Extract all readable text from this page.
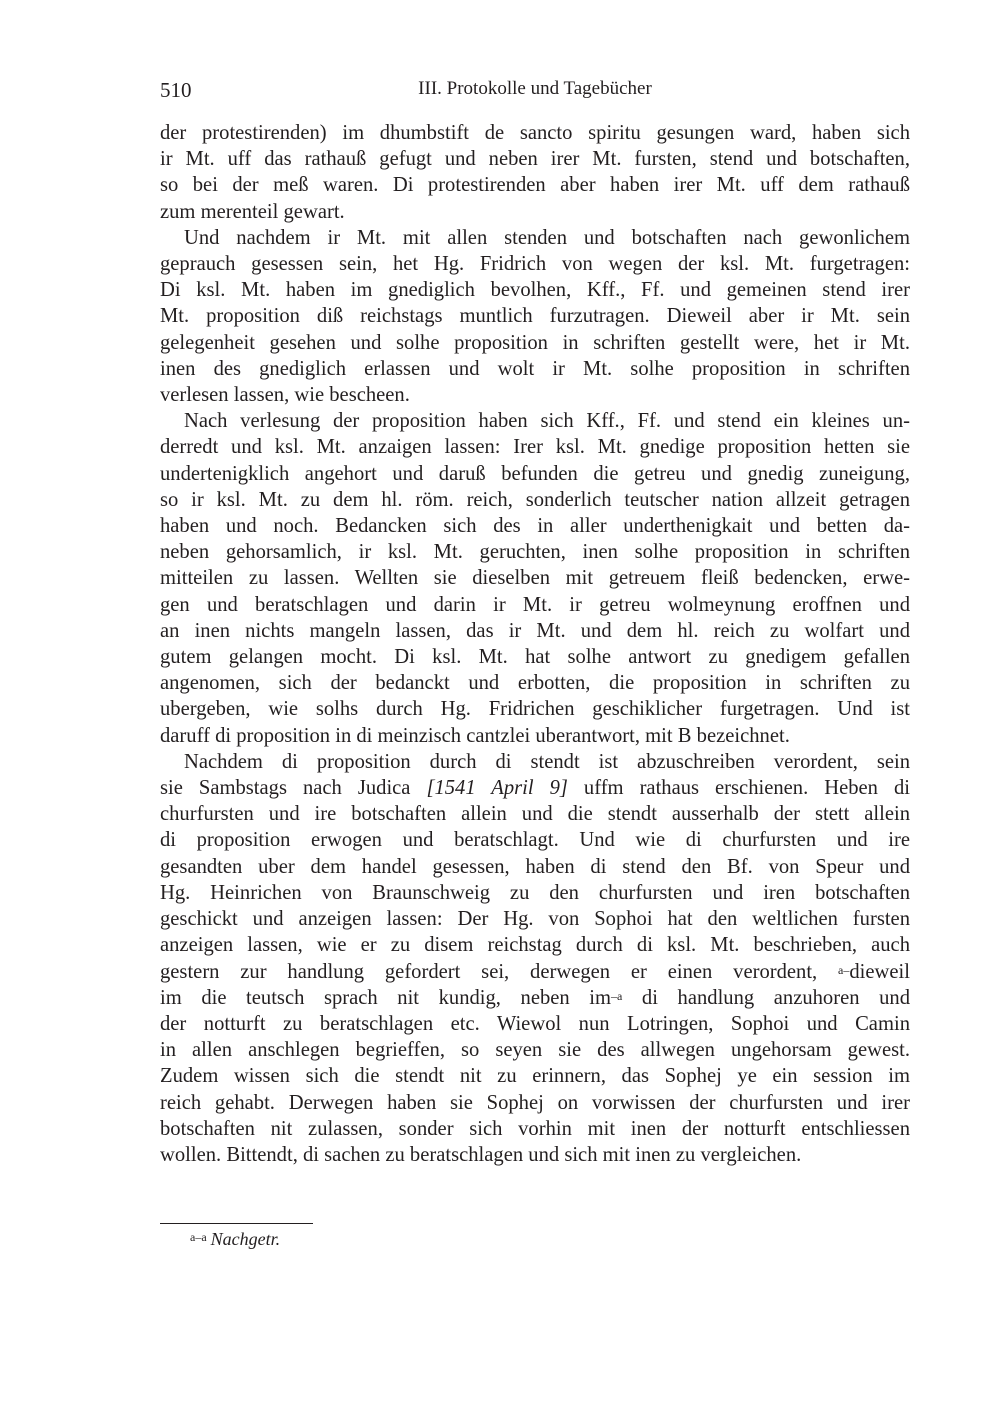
510	III. Protokolle und Tagebücher
der protestirenden) im dhumbstift de sancto spiritu gesungen ward, haben sich
ir Mt. uff das rathauß gefugt und neben irer Mt. fursten, stend und botschaften,
so bei der meß waren. Di protestirenden aber haben irer Mt. uff dem rathauß
zum merenteil gewart.
Und nachdem ir Mt. mit allen stenden und botschaften nach gewonlichem
geprauch gesessen sein, het Hg. Fridrich von wegen der ksl. Mt. furgetragen:
Di ksl. Mt. haben im gnediglich bevolhen, Kff., Ff. und gemeinen stend irer
Mt. proposition diß reichstags muntlich furzutragen. Dieweil aber ir Mt. sein
gelegenheit gesehen und solhe proposition in schriften gestellt were, het ir Mt.
inen des gnediglich erlassen und wolt ir Mt. solhe proposition in schriften
verlesen lassen, wie bescheen.
Nach verlesung der proposition haben sich Kff., Ff. und stend ein kleines un-
derredt und ksl. Mt. anzaigen lassen: Irer ksl. Mt. gnedige proposition hetten sie
undertenigklich angehort und daruß befunden die getreu und gnedig zuneigung,
so ir ksl. Mt. zu dem hl. röm. reich, sonderlich teutscher nation allzeit getragen
haben und noch. Bedancken sich des in aller underthenigkait und betten da-
neben gehorsamlich, ir ksl. Mt. geruchten, inen solhe proposition in schriften
mitteilen zu lassen. Wellten sie dieselben mit getreuem fleiß bedencken, erwe-
gen und beratschlagen und darin ir Mt. ir getreu wolmeynung eroffnen und
an inen nichts mangeln lassen, das ir Mt. und dem hl. reich zu wolfart und
gutem gelangen mocht. Di ksl. Mt. hat solhe antwort zu gnedigem gefallen
angenomen, sich der bedanckt und erbotten, die proposition in schriften zu
ubergeben, wie solhs durch Hg. Fridrichen geschiklicher furgetragen. Und ist
daruff di proposition in di meinzisch cantzlei uberantwort, mit B bezeichnet.
Nachdem di proposition durch di stendt ist abzuschreiben verordent, sein
sie Sambstags nach Judica [1541 April 9] uffm rathaus erschienen. Heben di
churfursten und ire botschaften allein und die stendt ausserhalb der stett allein
di proposition erwogen und beratschlagt. Und wie di churfursten und ire
gesandten uber dem handel gesessen, haben di stend den Bf. von Speur und
Hg. Heinrichen von Braunschweig zu den churfursten und iren botschaften
geschickt und anzeigen lassen: Der Hg. von Sophoi hat den weltlichen fursten
anzeigen lassen, wie er zu disem reichstag durch di ksl. Mt. beschrieben, auch
gestern zur handlung gefordert sei, derwegen er einen verordent, $^{a-}$dieweil
im die teutsch sprach nit kundig, neben im$^{-a}$ di handlung anzuhoren und
der notturft zu beratschlagen etc. Wiewol nun Lotringen, Sophoi und Camin
in allen anschlegen begrieffen, so seyen sie des allwegen ungehorsam gewest.
Zudem wissen sich die stendt nit zu erinnern, das Sophej ye ein session im
reich gehabt. Derwegen haben sie Sophej on vorwissen der churfursten und irer
botschaften nit zulassen, sonder sich vorhin mit inen der notturft entschliessen
wollen. Bittendt, di sachen zu beratschlagen und sich mit inen zu vergleichen.
$^{a-a}$ Nachgetr.
